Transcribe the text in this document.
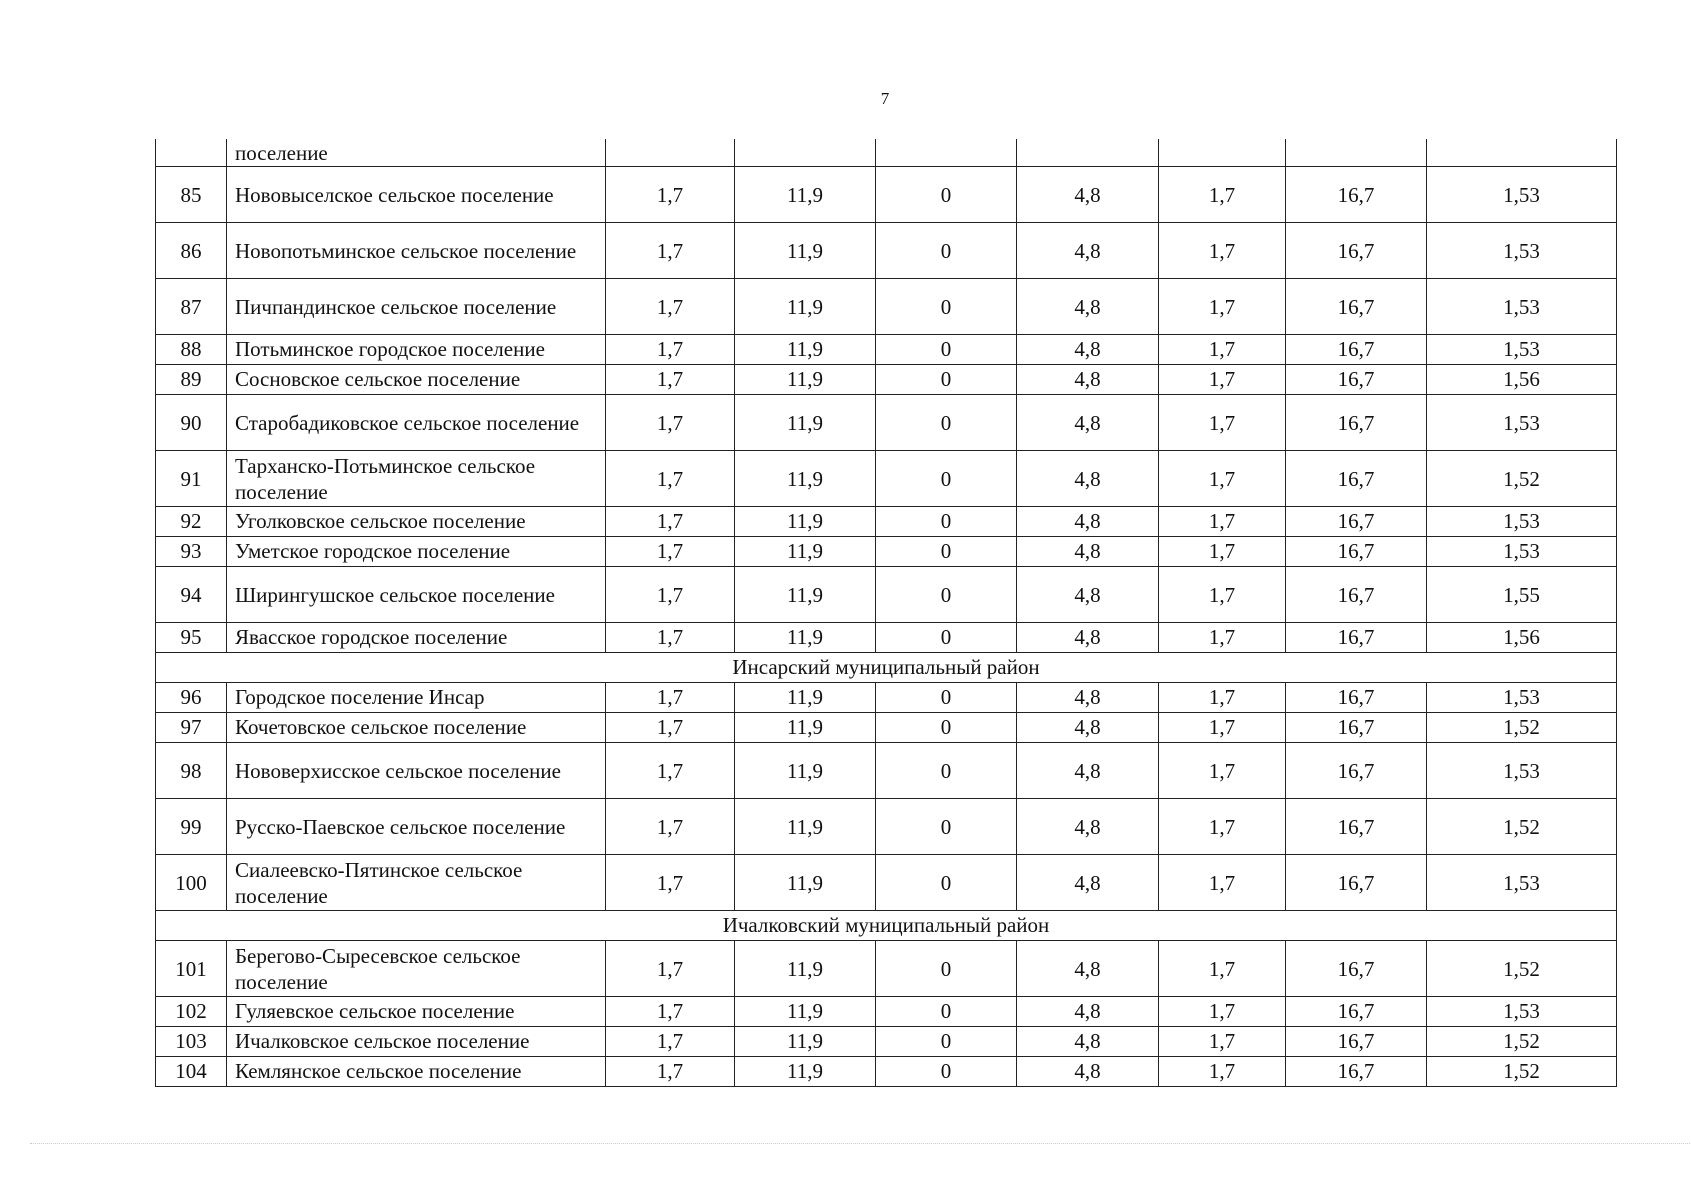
7
	поселение							
85	Нововыселское сельское поселение	1,7	11,9	0	4,8	1,7	16,7	1,53
86	Новопотьминское сельское поселение	1,7	11,9	0	4,8	1,7	16,7	1,53
87	Пичпандинское сельское поселение	1,7	11,9	0	4,8	1,7	16,7	1,53
88	Потьминское городское поселение	1,7	11,9	0	4,8	1,7	16,7	1,53
89	Сосновское сельское поселение	1,7	11,9	0	4,8	1,7	16,7	1,56
90	Старобадиковское сельское поселение	1,7	11,9	0	4,8	1,7	16,7	1,53
91	Тарханско-Потьминское сельское поселение	1,7	11,9	0	4,8	1,7	16,7	1,52
92	Уголковское сельское поселение	1,7	11,9	0	4,8	1,7	16,7	1,53
93	Уметское городское поселение	1,7	11,9	0	4,8	1,7	16,7	1,53
94	Ширингушское сельское поселение	1,7	11,9	0	4,8	1,7	16,7	1,55
95	Явасское городское поселение	1,7	11,9	0	4,8	1,7	16,7	1,56
Инсарский муниципальный район								
96	Городское поселение Инсар	1,7	11,9	0	4,8	1,7	16,7	1,53
97	Кочетовское сельское поселение	1,7	11,9	0	4,8	1,7	16,7	1,52
98	Нововерхисское сельское поселение	1,7	11,9	0	4,8	1,7	16,7	1,53
99	Русско-Паевское сельское поселение	1,7	11,9	0	4,8	1,7	16,7	1,52
100	Сиалеевско-Пятинское сельское поселение	1,7	11,9	0	4,8	1,7	16,7	1,53
Ичалковский муниципальный район								
101	Берегово-Сыресевское сельское поселение	1,7	11,9	0	4,8	1,7	16,7	1,52
102	Гуляевское сельское поселение	1,7	11,9	0	4,8	1,7	16,7	1,53
103	Ичалковское сельское поселение	1,7	11,9	0	4,8	1,7	16,7	1,52
104	Кемлянское сельское поселение	1,7	11,9	0	4,8	1,7	16,7	1,52
